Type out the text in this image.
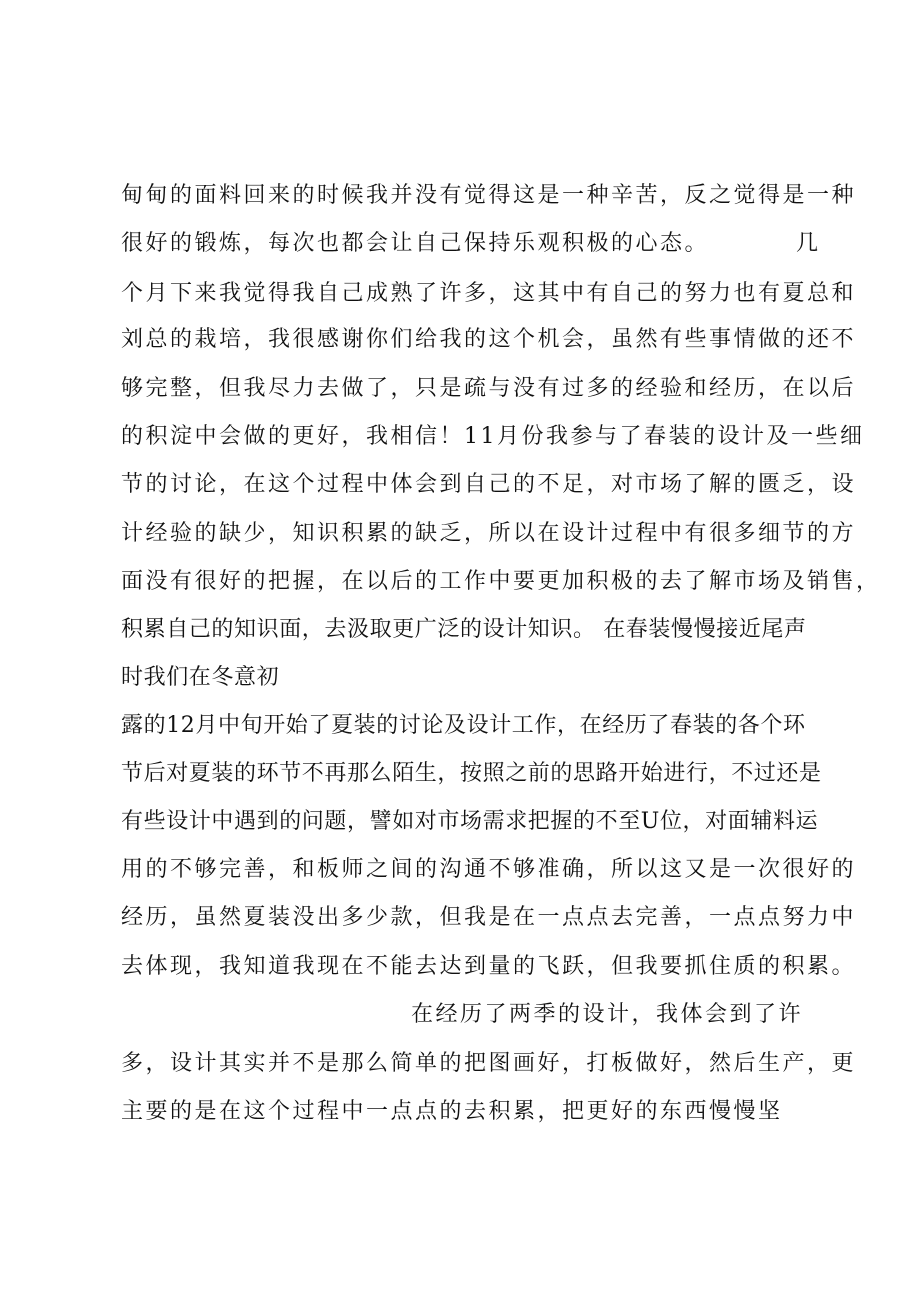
甸甸的面料回来的时候我并没有觉得这是一种辛苦，反之觉得是一种
很好的锻炼，每次也都会让自己保持乐观积极的心态。　　　　几
个月下来我觉得我自己成熟了许多，这其中有自己的努力也有夏总和
刘总的栽培，我很感谢你们给我的这个机会，虽然有些事情做的还不
够完整，但我尽力去做了，只是疏与没有过多的经验和经历，在以后
的积淀中会做的更好，我相信！11月份我参与了春装的设计及一些细
节的讨论，在这个过程中体会到自己的不足，对市场了解的匮乏，设
计经验的缺少，知识积累的缺乏，所以在设计过程中有很多细节的方
面没有很好的把握，在以后的工作中要更加积极的去了解市场及销售，
积累自己的知识面，去汲取更广泛的设计知识。 在春装慢慢接近尾声
时我们在冬意初
露的12月中旬开始了夏装的讨论及设计工作，在经历了春装的各个环
节后对夏装的环节不再那么陌生，按照之前的思路开始进行，不过还是
有些设计中遇到的问题，譬如对市场需求把握的不至U位，对面辅料运
用的不够完善，和板师之间的沟通不够准确，所以这又是一次很好的
经历，虽然夏装没出多少款，但我是在一点点去完善，一点点努力中
去体现，我知道我现在不能去达到量的飞跃，但我要抓住质的积累。
在经历了两季的设计，我体会到了许
多，设计其实并不是那么简单的把图画好，打板做好，然后生产，更
主要的是在这个过程中一点点的去积累，把更好的东西慢慢坚
